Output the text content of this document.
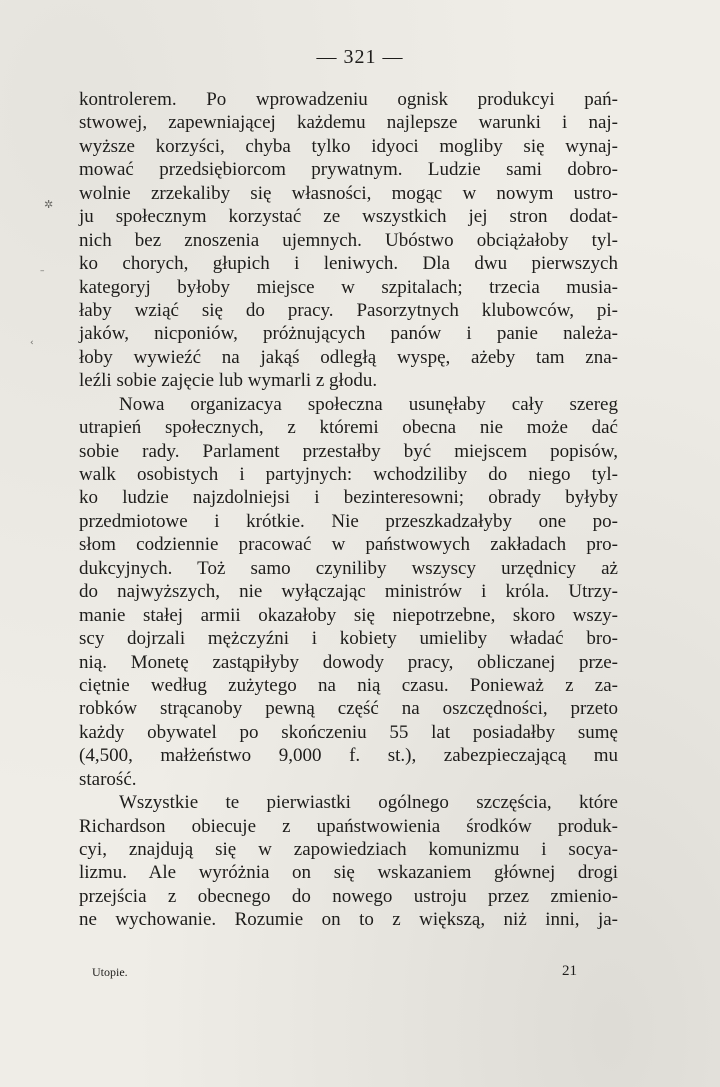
— 321 —
kontrolerem. Po wprowadzeniu ognisk produkcyi pań-
stwowej, zapewniającej każdemu najlepsze warunki i naj-
wyższe korzyści, chyba tylko idyoci mogliby się wynaj-
mować przedsiębiorcom prywatnym. Ludzie sami dobro-
wolnie zrzekaliby się własności, mogąc w nowym ustro-
ju społecznym korzystać ze wszystkich jej stron dodat-
nich bez znoszenia ujemnych. Ubóstwo obciążałoby tyl-
ko chorych, głupich i leniwych. Dla dwu pierwszych
kategoryj byłoby miejsce w szpitalach; trzecia musia-
łaby wziąć się do pracy. Pasorzytnych klubowców, pi-
jaków, nicponiów, próżnujących panów i panie należa-
łoby wywieźć na jakąś odległą wyspę, ażeby tam zna-
leźli sobie zajęcie lub wymarli z głodu.
Nowa organizacya społeczna usunęłaby cały szereg
utrapień społecznych, z któremi obecna nie może dać
sobie rady. Parlament przestałby być miejscem popisów,
walk osobistych i partyjnych: wchodziliby do niego tyl-
ko ludzie najzdolniejsi i bezinteresowni; obrady byłyby
przedmiotowe i krótkie. Nie przeszkadzałyby one po-
słom codziennie pracować w państwowych zakładach pro-
dukcyjnych. Toż samo czyniliby wszyscy urzędnicy aż
do najwyższych, nie wyłączając ministrów i króla. Utrzy-
manie stałej armii okazałoby się niepotrzebne, skoro wszy-
scy dojrzali mężczyźni i kobiety umieliby władać bro-
nią. Monetę zastąpiłyby dowody pracy, obliczanej prze-
ciętnie według zużytego na nią czasu. Ponieważ z za-
robków strącanoby pewną część na oszczędności, przeto
każdy obywatel po skończeniu 55 lat posiadałby sumę
(4,500, małżeństwo 9,000 f. st.), zabezpieczającą mu
starość.
Wszystkie te pierwiastki ogólnego szczęścia, które
Richardson obiecuje z upaństwowienia środków produk-
cyi, znajdują się w zapowiedziach komunizmu i socya-
lizmu. Ale wyróżnia on się wskazaniem głównej drogi
przejścia z obecnego do nowego ustroju przez zmienio-
ne wychowanie. Rozumie on to z większą, niż inni, ja-
Utopie.	21
✲
–
‹
